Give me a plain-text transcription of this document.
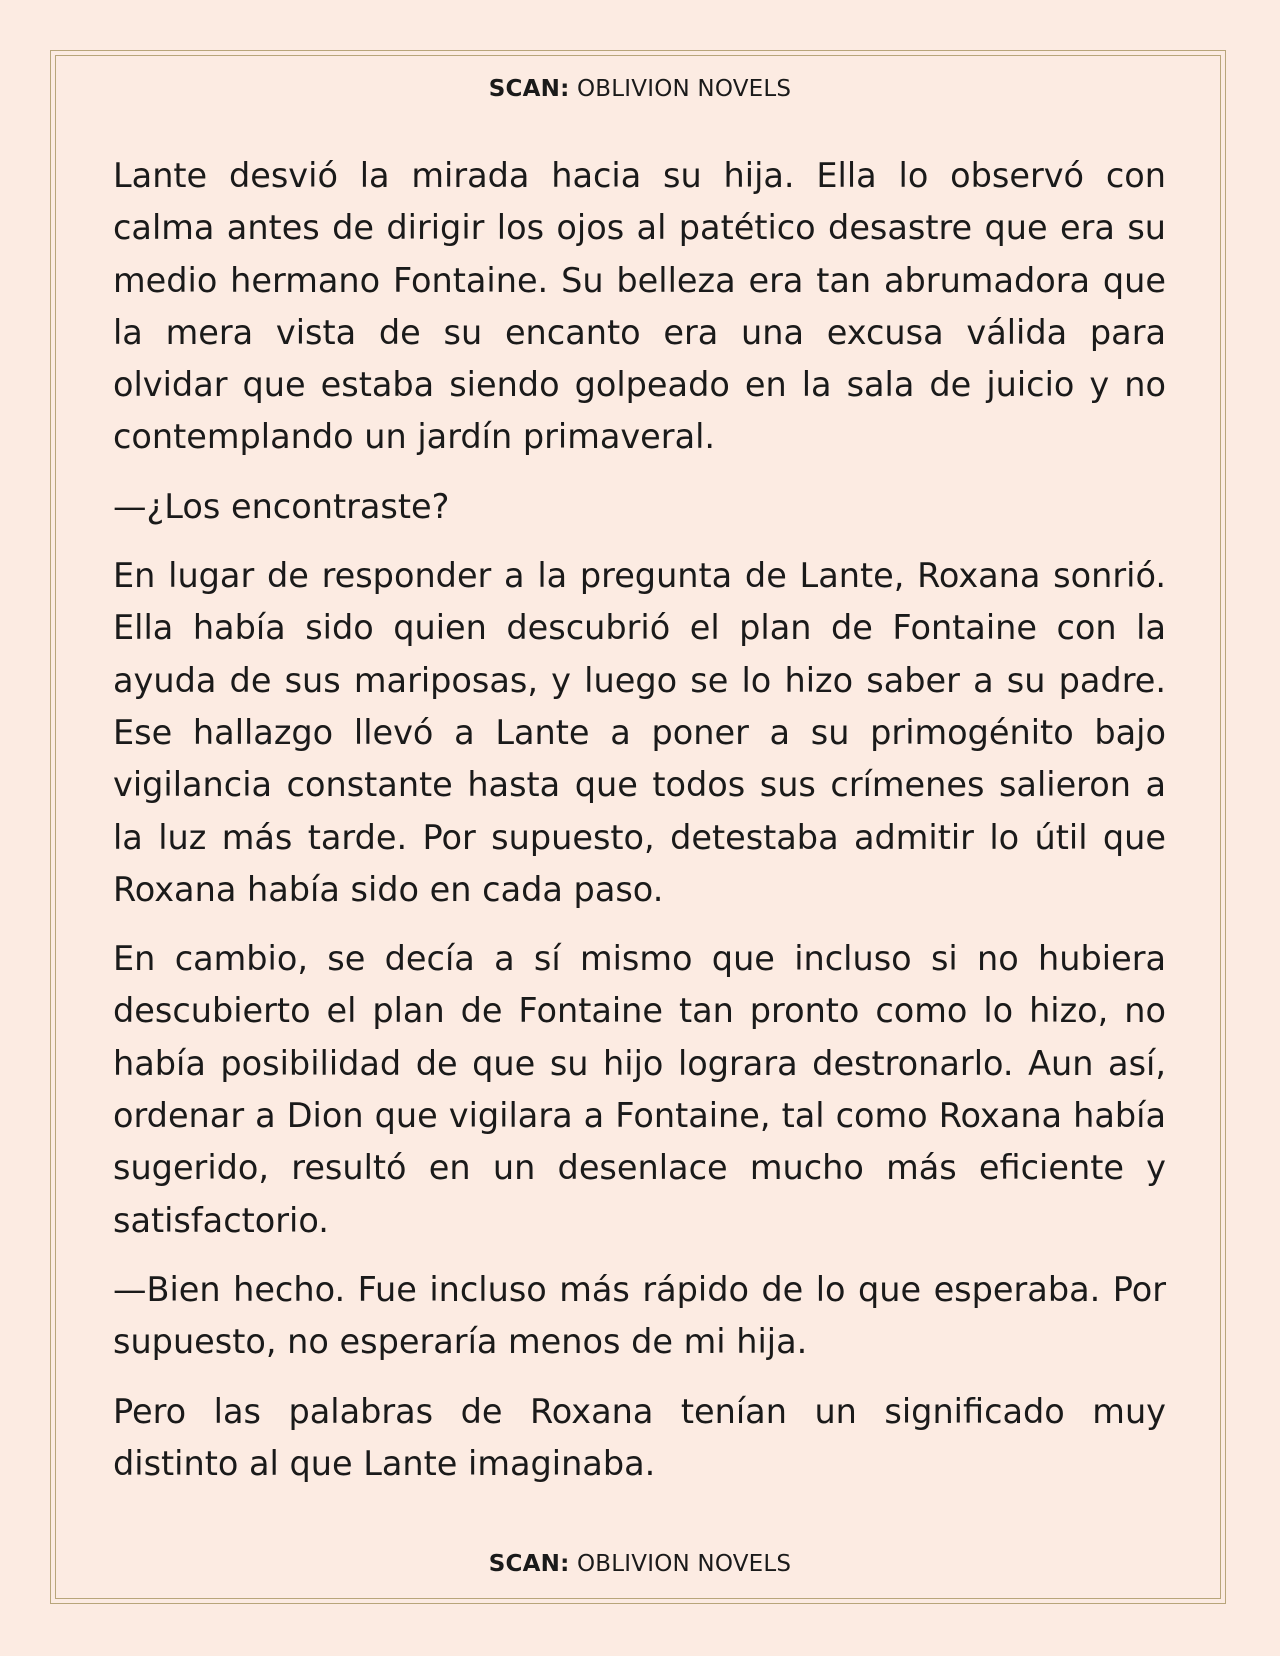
SCAN: OBLIVION NOVELS

Lante desvió la mirada hacia su hija. Ella lo observó con calma antes de dirigir los ojos al patético desastre que era su medio hermano Fontaine. Su belleza era tan abrumadora que la mera vista de su encanto era una excusa válida para olvidar que estaba siendo golpeado en la sala de juicio y no contemplando un jardín primaveral.

—¿Los encontraste?

En lugar de responder a la pregunta de Lante, Roxana sonrió. Ella había sido quien descubrió el plan de Fontaine con la ayuda de sus mariposas, y luego se lo hizo saber a su padre. Ese hallazgo llevó a Lante a poner a su primogénito bajo vigilancia constante hasta que todos sus crímenes salieron a la luz más tarde. Por supuesto, detestaba admitir lo útil que Roxana había sido en cada paso.

En cambio, se decía a sí mismo que incluso si no hubiera descubierto el plan de Fontaine tan pronto como lo hizo, no había posibilidad de que su hijo lograra destronarlo. Aun así, ordenar a Dion que vigilara a Fontaine, tal como Roxana había sugerido, resultó en un desenlace mucho más eficiente y satisfactorio.

—Bien hecho. Fue incluso más rápido de lo que esperaba. Por supuesto, no esperaría menos de mi hija.

Pero las palabras de Roxana tenían un significado muy distinto al que Lante imaginaba.

SCAN: OBLIVION NOVELS
